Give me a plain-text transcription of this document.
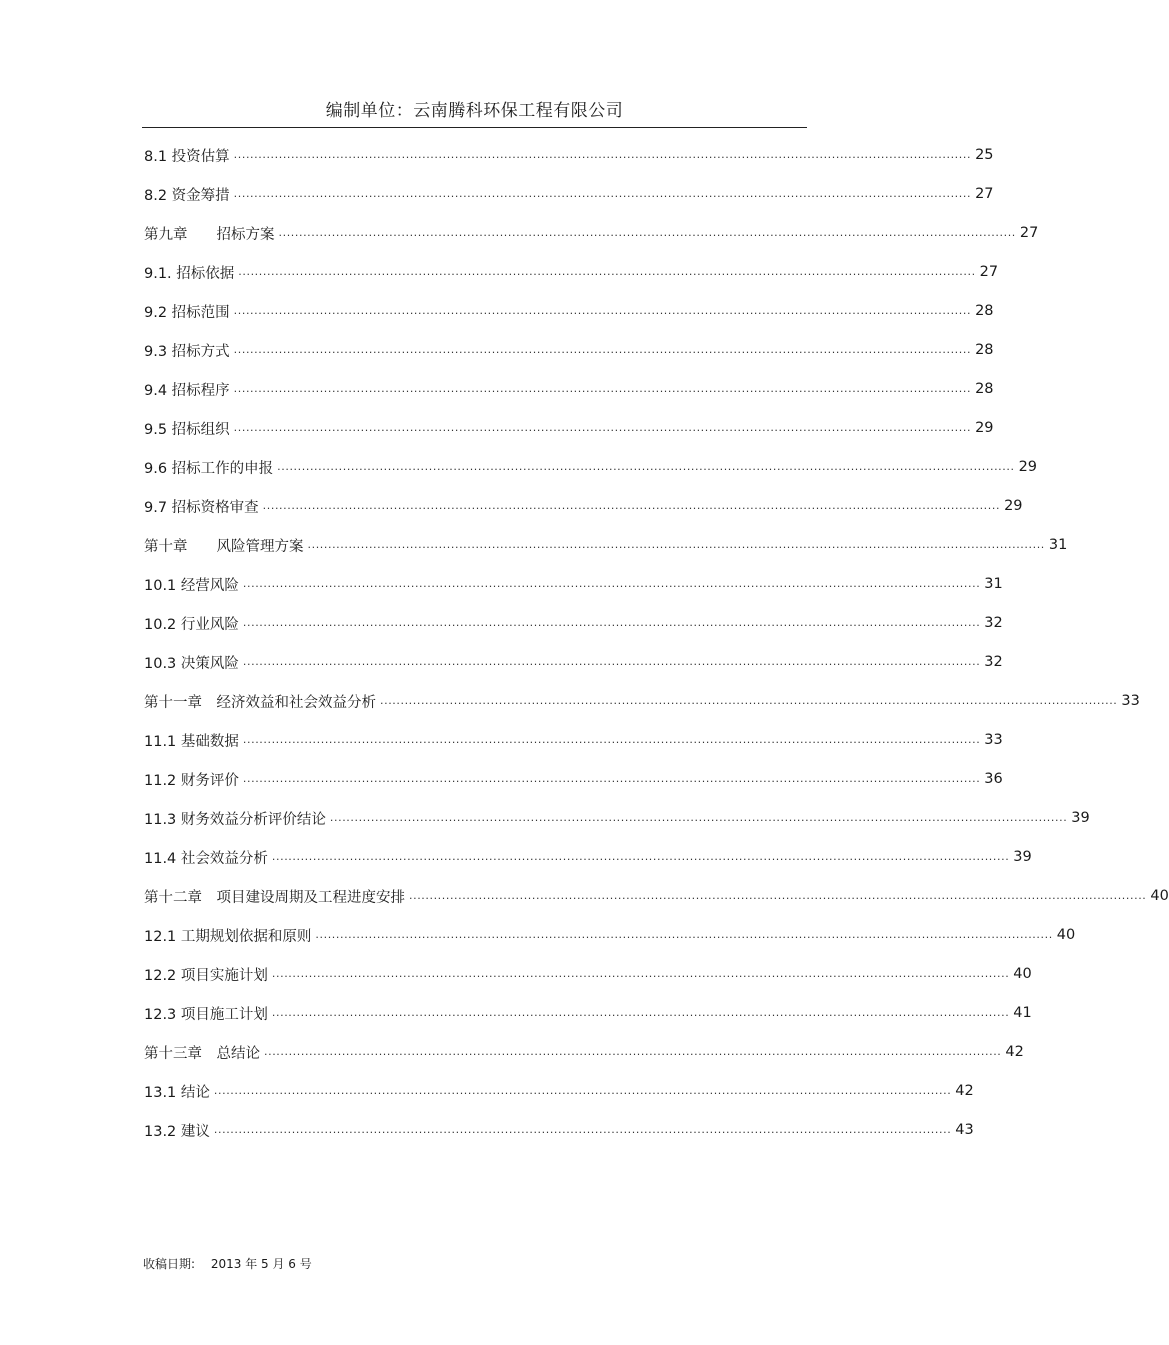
编制单位：云南腾科环保工程有限公司
8.1 投资估算 .................................................................................................................................................................................... 25
8.2 资金筹措 .................................................................................................................................................................................... 27
第九章　　招标方案 .................................................................................................................................................................................... 27
9.1. 招标依据 .................................................................................................................................................................................... 27
9.2 招标范围 .................................................................................................................................................................................... 28
9.3 招标方式 .................................................................................................................................................................................... 28
9.4 招标程序 .................................................................................................................................................................................... 28
9.5 招标组织 .................................................................................................................................................................................... 29
9.6 招标工作的申报 .................................................................................................................................................................................... 29
9.7 招标资格审查 .................................................................................................................................................................................... 29
第十章　　风险管理方案 .................................................................................................................................................................................... 31
10.1 经营风险 .................................................................................................................................................................................... 31
10.2 行业风险 .................................................................................................................................................................................... 32
10.3 决策风险 .................................................................................................................................................................................... 32
第十一章　经济效益和社会效益分析 .................................................................................................................................................................................... 33
11.1 基础数据 .................................................................................................................................................................................... 33
11.2 财务评价 .................................................................................................................................................................................... 36
11.3 财务效益分析评价结论 .................................................................................................................................................................................... 39
11.4 社会效益分析 .................................................................................................................................................................................... 39
第十二章　项目建设周期及工程进度安排 .................................................................................................................................................................................... 40
12.1 工期规划依据和原则 .................................................................................................................................................................................... 40
12.2 项目实施计划 .................................................................................................................................................................................... 40
12.3 项目施工计划 .................................................................................................................................................................................... 41
第十三章　总结论 .................................................................................................................................................................................... 42
13.1 结论 .................................................................................................................................................................................... 42
13.2 建议 .................................................................................................................................................................................... 43
收稿日期:　 2013 年 5 月 6 号
